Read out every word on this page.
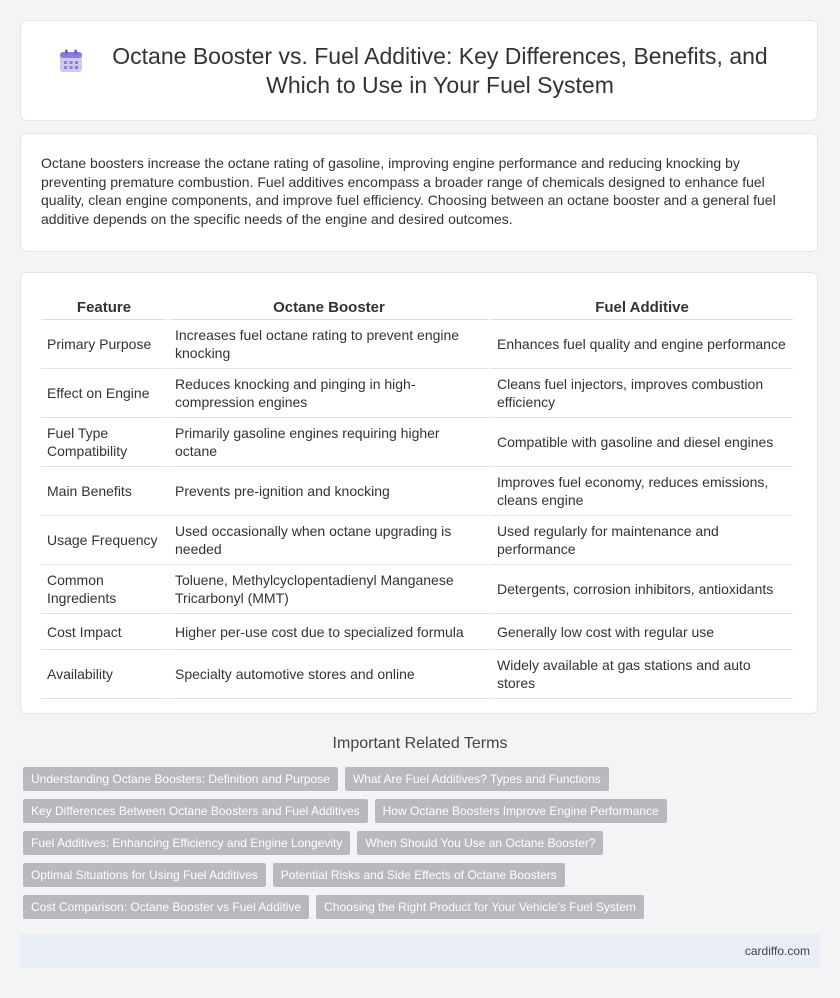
Octane Booster vs. Fuel Additive: Key Differences, Benefits, and Which to Use in Your Fuel System

Octane boosters increase the octane rating of gasoline, improving engine performance and reducing knocking by preventing premature combustion. Fuel additives encompass a broader range of chemicals designed to enhance fuel quality, clean engine components, and improve fuel efficiency. Choosing between an octane booster and a general fuel additive depends on the specific needs of the engine and desired outcomes.

Feature	Octane Booster	Fuel Additive
Primary Purpose	Increases fuel octane rating to prevent engine knocking	Enhances fuel quality and engine performance
Effect on Engine	Reduces knocking and pinging in high-compression engines	Cleans fuel injectors, improves combustion efficiency
Fuel Type Compatibility	Primarily gasoline engines requiring higher octane	Compatible with gasoline and diesel engines
Main Benefits	Prevents pre-ignition and knocking	Improves fuel economy, reduces emissions, cleans engine
Usage Frequency	Used occasionally when octane upgrading is needed	Used regularly for maintenance and performance
Common Ingredients	Toluene, Methylcyclopentadienyl Manganese Tricarbonyl (MMT)	Detergents, corrosion inhibitors, antioxidants
Cost Impact	Higher per-use cost due to specialized formula	Generally low cost with regular use
Availability	Specialty automotive stores and online	Widely available at gas stations and auto stores
Important Related Terms
Understanding Octane Boosters: Definition and Purpose	What Are Fuel Additives? Types and Functions
Key Differences Between Octane Boosters and Fuel Additives	How Octane Boosters Improve Engine Performance
Fuel Additives: Enhancing Efficiency and Engine Longevity	When Should You Use an Octane Booster?
Optimal Situations for Using Fuel Additives	Potential Risks and Side Effects of Octane Boosters
Cost Comparison: Octane Booster vs Fuel Additive	Choosing the Right Product for Your Vehicle's Fuel System
cardiffo.com
